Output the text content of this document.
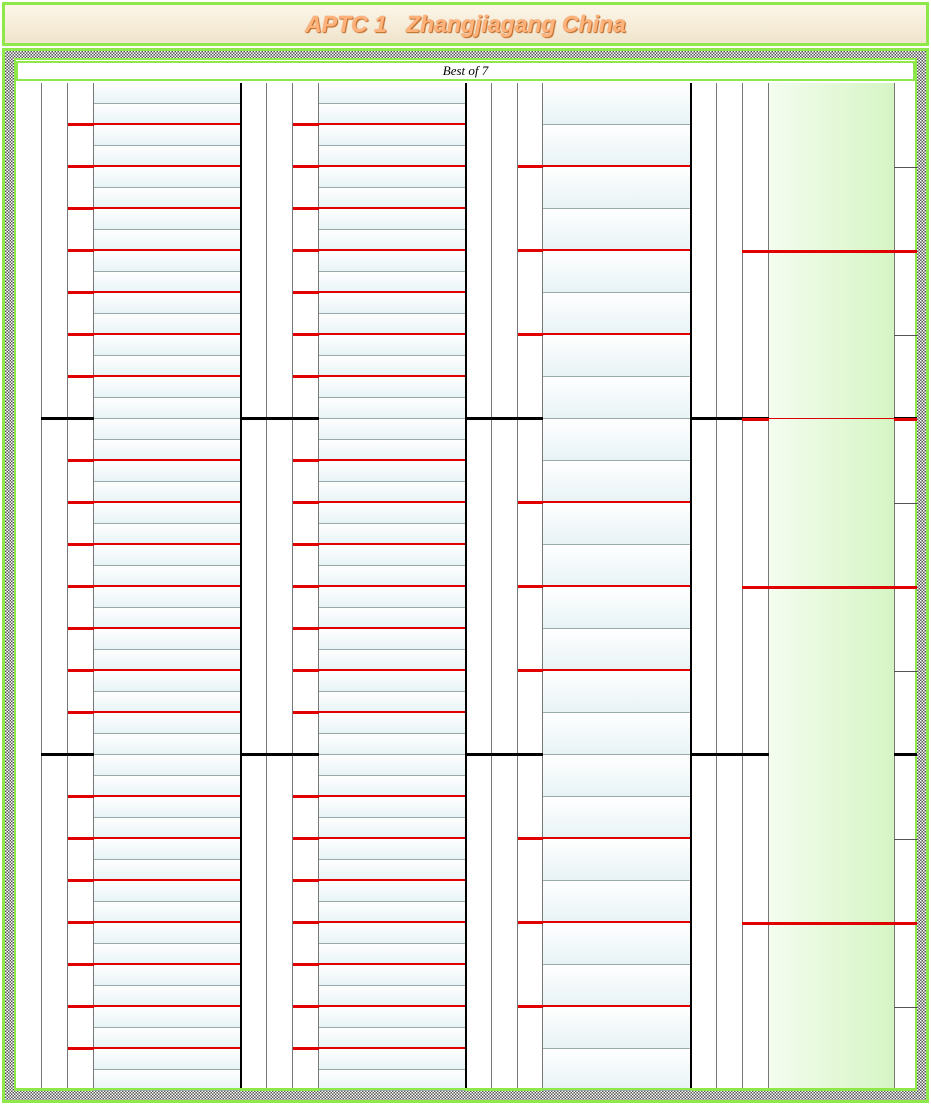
APTC 1   Zhangjiagang China
Best of 7
